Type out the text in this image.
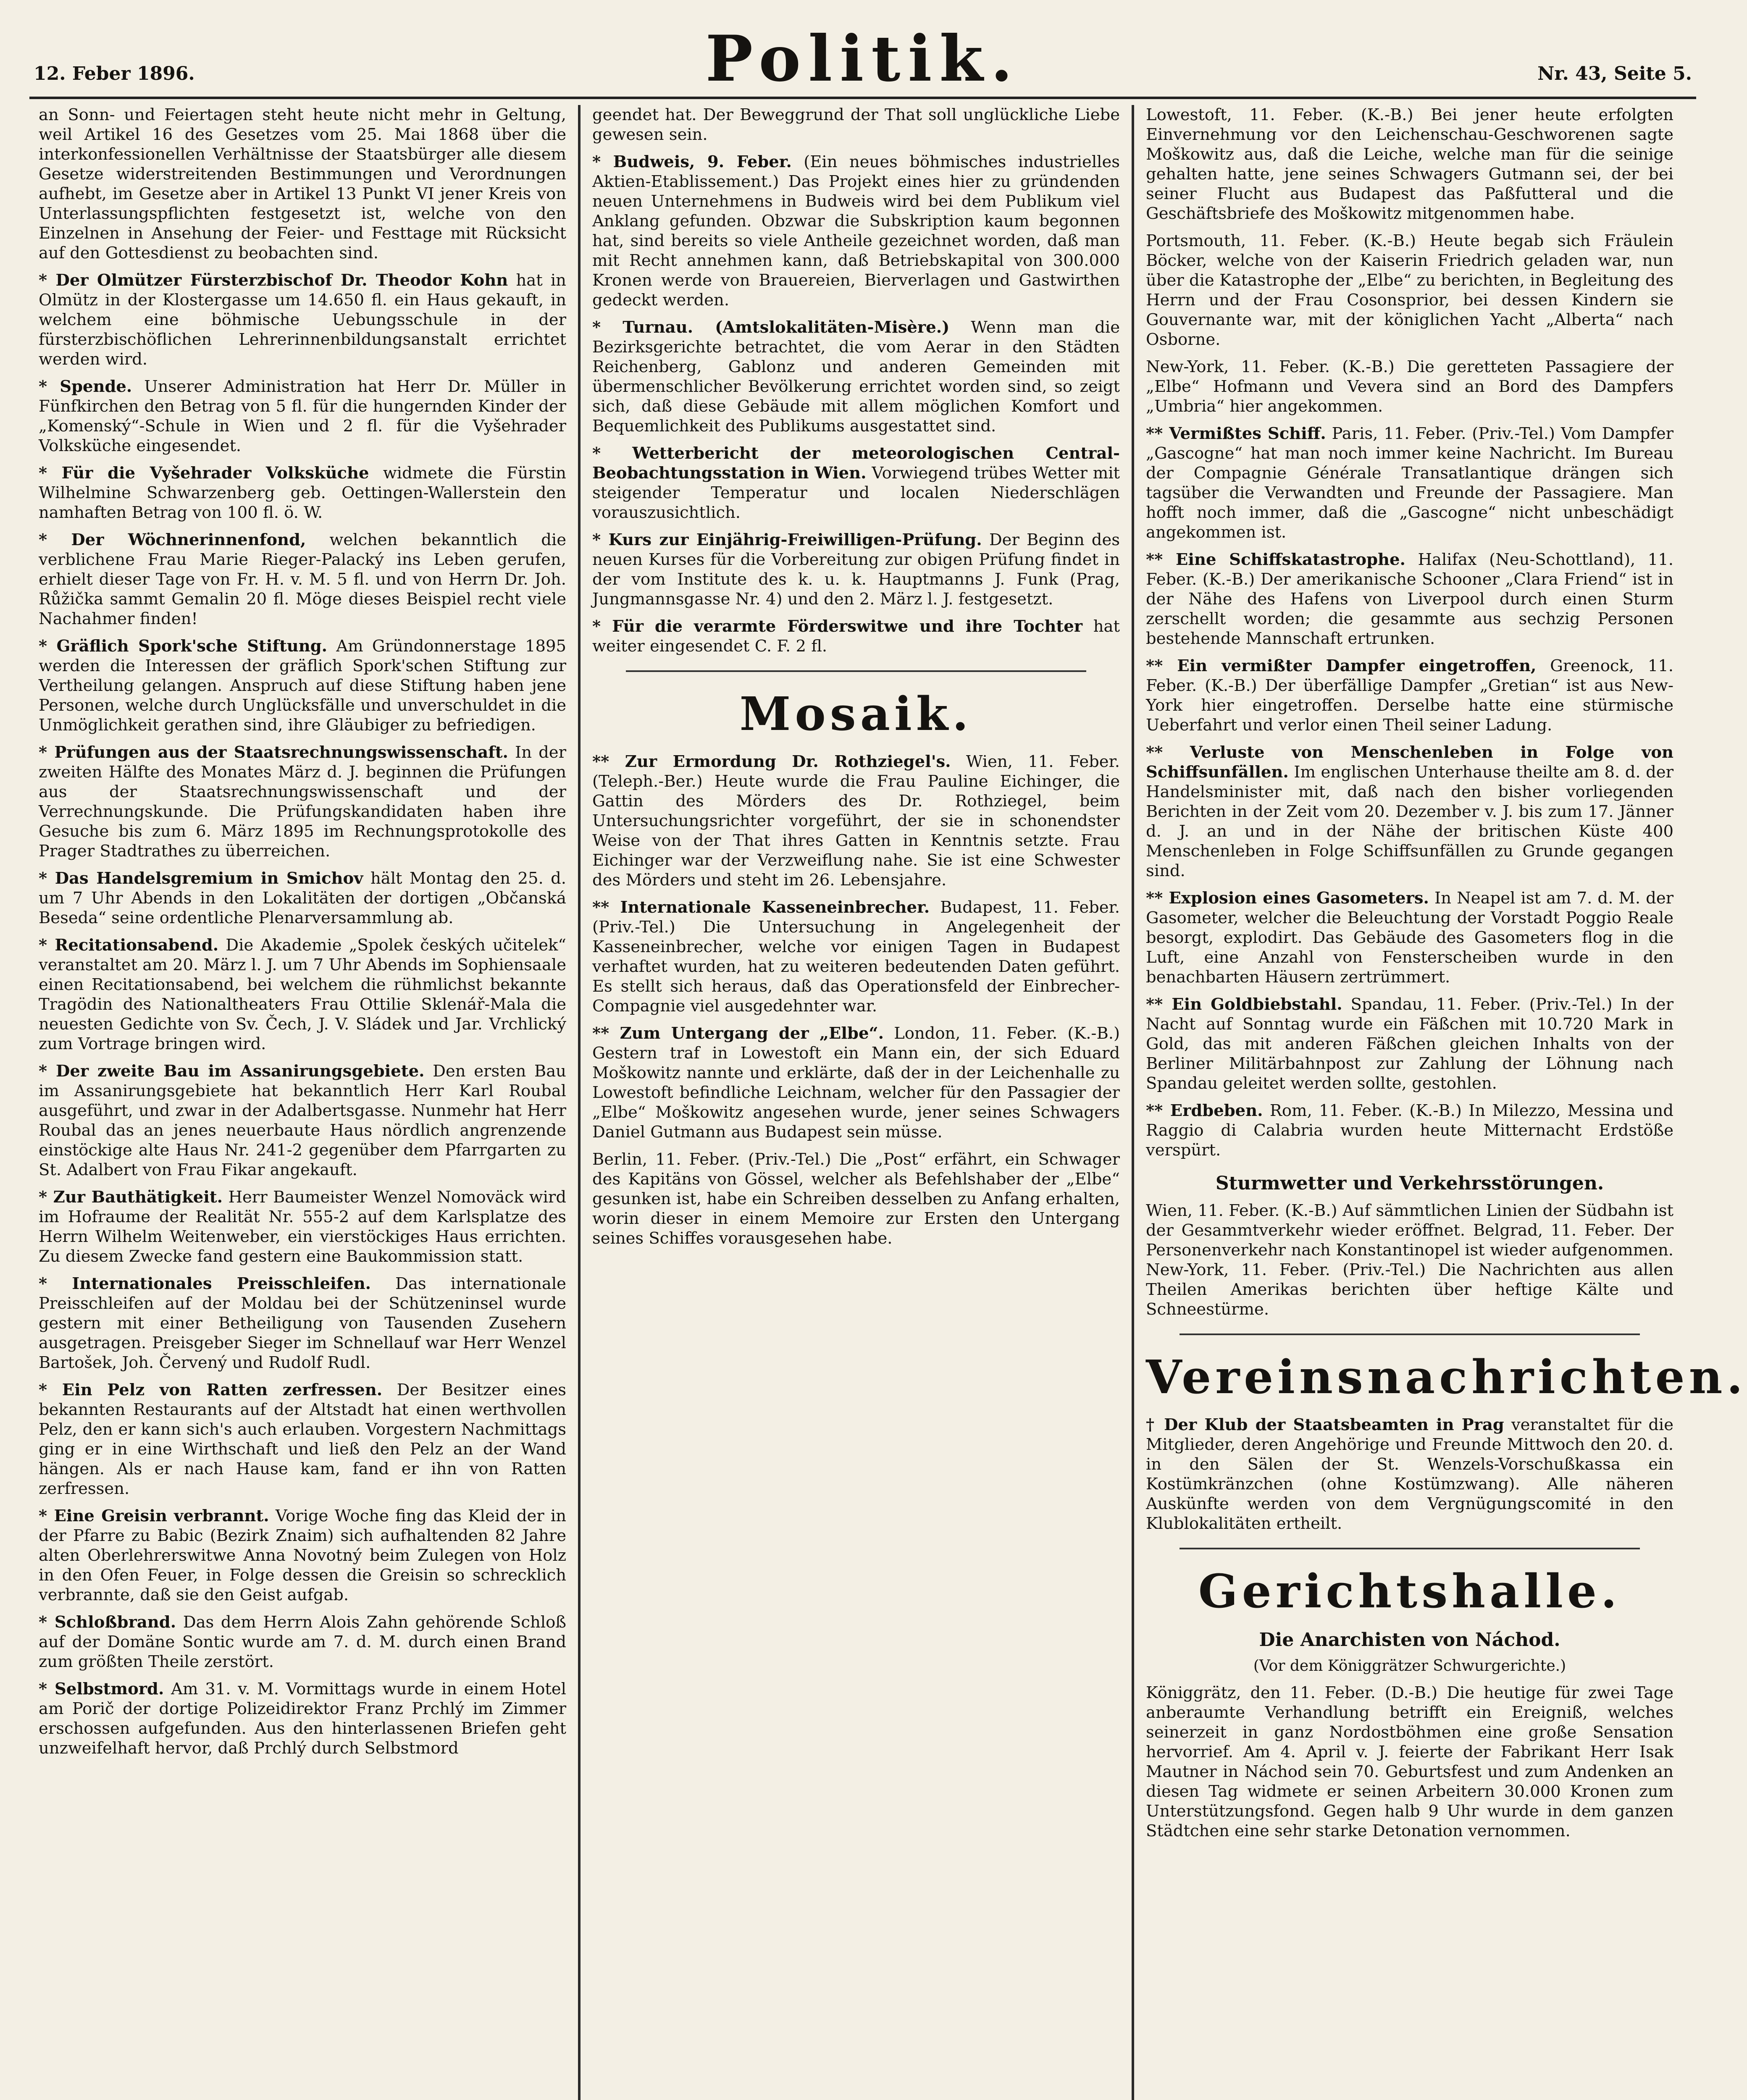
12. Feber 1896.	Politik.	Nr. 43, Seite 5.

an Sonn- und Feiertagen steht heute nicht mehr in Geltung, weil Artikel 16 des Gesetzes vom 25. Mai 1868 über die interkonfessionellen Verhältnisse der Staatsbürger alle diesem Gesetze widerstreitenden Bestimmungen und Verordnungen aufhebt, im Gesetze aber in Artikel 13 Punkt VI jener Kreis von Unterlassungspflichten festgesetzt ist, welche von den Einzelnen in Ansehung der Feier- und Festtage mit Rücksicht auf den Gottesdienst zu beobachten sind.

* Der Olmützer Fürsterzbischof Dr. Theodor Kohn hat in Olmütz in der Klostergasse um 14.650 fl. ein Haus gekauft, in welchem eine böhmische Uebungsschule in der fürsterzbischöflichen Lehrerinnenbildungsanstalt errichtet werden wird.

* Spende. Unserer Administration hat Herr Dr. Müller in Fünfkirchen den Betrag von 5 fl. für die hungernden Kinder der „Komenský“-Schule in Wien und 2 fl. für die Vyšehrader Volksküche eingesendet.

* Für die Vyšehrader Volksküche widmete die Fürstin Wilhelmine Schwarzenberg geb. Oettingen-Wallerstein den namhaften Betrag von 100 fl. ö. W.

* Der Wöchnerinnenfond, welchen bekanntlich die verblichene Frau Marie Rieger-Palacký ins Leben gerufen, erhielt dieser Tage von Fr. H. v. M. 5 fl. und von Herrn Dr. Joh. Růžička sammt Gemalin 20 fl. Möge dieses Beispiel recht viele Nachahmer finden!

* Gräflich Spork'sche Stiftung. Am Gründonnerstage 1895 werden die Interessen der gräflich Spork'schen Stiftung zur Vertheilung gelangen. Anspruch auf diese Stiftung haben jene Personen, welche durch Unglücksfälle und unverschuldet in die Unmöglichkeit gerathen sind, ihre Gläubiger zu befriedigen.

* Prüfungen aus der Staatsrechnungswissenschaft. In der zweiten Hälfte des Monates März d. J. beginnen die Prüfungen aus der Staatsrechnungswissenschaft und der Verrechnungskunde. Die Prüfungskandidaten haben ihre Gesuche bis zum 6. März 1895 im Rechnungsprotokolle des Prager Stadtrathes zu überreichen.

* Das Handelsgremium in Smichov hält Montag den 25. d. um 7 Uhr Abends in den Lokalitäten der dortigen „Občanská Beseda“ seine ordentliche Plenarversammlung ab.

* Recitationsabend. Die Akademie „Spolek českých učitelek“ veranstaltet am 20. März l. J. um 7 Uhr Abends im Sophiensaale einen Recitationsabend, bei welchem die rühmlichst bekannte Tragödin des Nationaltheaters Frau Ottilie Sklenář-Mala die neuesten Gedichte von Sv. Čech, J. V. Sládek und Jar. Vrchlický zum Vortrage bringen wird.

* Der zweite Bau im Assanirungsgebiete. Den ersten Bau im Assanirungsgebiete hat bekanntlich Herr Karl Roubal ausgeführt, und zwar in der Adalbertsgasse. Nunmehr hat Herr Roubal das an jenes neuerbaute Haus nördlich angrenzende einstöckige alte Haus Nr. 241-2 gegenüber dem Pfarrgarten zu St. Adalbert von Frau Fikar angekauft.

* Zur Bauthätigkeit. Herr Baumeister Wenzel Nomoväck wird im Hofraume der Realität Nr. 555-2 auf dem Karlsplatze des Herrn Wilhelm Weitenweber, ein vierstöckiges Haus errichten. Zu diesem Zwecke fand gestern eine Baukommission statt.

* Internationales Preisschleifen. Das internationale Preisschleifen auf der Moldau bei der Schützeninsel wurde gestern mit einer Betheiligung von Tausenden Zusehern ausgetragen. Preisgeber Sieger im Schnellauf war Herr Wenzel Bartošek, Joh. Červený und Rudolf Rudl.

* Ein Pelz von Ratten zerfressen. Der Besitzer eines bekannten Restaurants auf der Altstadt hat einen werthvollen Pelz, den er kann sich's auch erlauben. Vorgestern Nachmittags ging er in eine Wirthschaft und ließ den Pelz an der Wand hängen. Als er nach Hause kam, fand er ihn von Ratten zerfressen.

* Eine Greisin verbrannt. Vorige Woche fing das Kleid der in der Pfarre zu Babic (Bezirk Znaim) sich aufhaltenden 82 Jahre alten Oberlehrerswitwe Anna Novotný beim Zulegen von Holz in den Ofen Feuer, in Folge dessen die Greisin so schrecklich verbrannte, daß sie den Geist aufgab.

* Schloßbrand. Das dem Herrn Alois Zahn gehörende Schloß auf der Domäne Sontic wurde am 7. d. M. durch einen Brand zum größten Theile zerstört.

* Selbstmord. Am 31. v. M. Vormittags wurde in einem Hotel am Porič der dortige Polizeidirektor Franz Prchlý im Zimmer erschossen aufgefunden. Aus den hinterlassenen Briefen geht unzweifelhaft hervor, daß Prchlý durch Selbstmord

geendet hat. Der Beweggrund der That soll unglückliche Liebe gewesen sein.

* Budweis, 9. Feber. (Ein neues böhmisches industrielles Aktien-Etablissement.) Das Projekt eines hier zu gründenden neuen Unternehmens in Budweis wird bei dem Publikum viel Anklang gefunden. Obzwar die Subskription kaum begonnen hat, sind bereits so viele Antheile gezeichnet worden, daß man mit Recht annehmen kann, daß Betriebskapital von 300.000 Kronen werde von Brauereien, Bierverlagen und Gastwirthen gedeckt werden.

* Turnau. (Amtslokalitäten-Misère.) Wenn man die Bezirksgerichte betrachtet, die vom Aerar in den Städten Reichenberg, Gablonz und anderen Gemeinden mit übermenschlicher Bevölkerung errichtet worden sind, so zeigt sich, daß diese Gebäude mit allem möglichen Komfort und Bequemlichkeit des Publikums ausgestattet sind.

* Wetterbericht der meteorologischen Central-Beobachtungsstation in Wien. Vorwiegend trübes Wetter mit steigender Temperatur und localen Niederschlägen vorauszusichtlich.

* Kurs zur Einjährig-Freiwilligen-Prüfung. Der Beginn des neuen Kurses für die Vorbereitung zur obigen Prüfung findet in der vom Institute des k. u. k. Hauptmanns J. Funk (Prag, Jungmannsgasse Nr. 4) und den 2. März l. J. festgesetzt.

* Für die verarmte Förderswitwe und ihre Tochter hat weiter eingesendet C. F. 2 fl.

Mosaik.

** Zur Ermordung Dr. Rothziegel's. Wien, 11. Feber. (Teleph.-Ber.) Heute wurde die Frau Pauline Eichinger, die Gattin des Mörders des Dr. Rothziegel, beim Untersuchungsrichter vorgeführt, der sie in schonendster Weise von der That ihres Gatten in Kenntnis setzte. Frau Eichinger war der Verzweiflung nahe. Sie ist eine Schwester des Mörders und steht im 26. Lebensjahre.

** Internationale Kasseneinbrecher. Budapest, 11. Feber. (Priv.-Tel.) Die Untersuchung in Angelegenheit der Kasseneinbrecher, welche vor einigen Tagen in Budapest verhaftet wurden, hat zu weiteren bedeutenden Daten geführt. Es stellt sich heraus, daß das Operationsfeld der Einbrecher-Compagnie viel ausgedehnter war.

** Zum Untergang der „Elbe“. London, 11. Feber. (K.-B.) Gestern traf in Lowestoft ein Mann ein, der sich Eduard Moškowitz nannte und erklärte, daß der in der Leichenhalle zu Lowestoft befindliche Leichnam, welcher für den Passagier der „Elbe“ Moškowitz angesehen wurde, jener seines Schwagers Daniel Gutmann aus Budapest sein müsse.

Berlin, 11. Feber. (Priv.-Tel.) Die „Post“ erfährt, ein Schwager des Kapitäns von Gössel, welcher als Befehlshaber der „Elbe“ gesunken ist, habe ein Schreiben desselben zu Anfang erhalten, worin dieser in einem Memoire zur Ersten den Untergang seines Schiffes vorausgesehen habe.

Lowestoft, 11. Feber. (K.-B.) Bei jener heute erfolgten Einvernehmung vor den Leichenschau-Geschworenen sagte Moškowitz aus, daß die Leiche, welche man für die seinige gehalten hatte, jene seines Schwagers Gutmann sei, der bei seiner Flucht aus Budapest das Paßfutteral und die Geschäftsbriefe des Moškowitz mitgenommen habe.

Portsmouth, 11. Feber. (K.-B.) Heute begab sich Fräulein Böcker, welche von der Kaiserin Friedrich geladen war, nun über die Katastrophe der „Elbe“ zu berichten, in Begleitung des Herrn und der Frau Cosonsprior, bei dessen Kindern sie Gouvernante war, mit der königlichen Yacht „Alberta“ nach Osborne.

New-York, 11. Feber. (K.-B.) Die geretteten Passagiere der „Elbe“ Hofmann und Vevera sind an Bord des Dampfers „Umbria“ hier angekommen.

** Vermißtes Schiff. Paris, 11. Feber. (Priv.-Tel.) Vom Dampfer „Gascogne“ hat man noch immer keine Nachricht. Im Bureau der Compagnie Générale Transatlantique drängen sich tagsüber die Verwandten und Freunde der Passagiere. Man hofft noch immer, daß die „Gascogne“ nicht unbeschädigt angekommen ist.

** Eine Schiffskatastrophe. Halifax (Neu-Schottland), 11. Feber. (K.-B.) Der amerikanische Schooner „Clara Friend“ ist in der Nähe des Hafens von Liverpool durch einen Sturm zerschellt worden; die gesammte aus sechzig Personen bestehende Mannschaft ertrunken.

** Ein vermißter Dampfer eingetroffen, Greenock, 11. Feber. (K.-B.) Der überfällige Dampfer „Gretian“ ist aus New-York hier eingetroffen. Derselbe hatte eine stürmische Ueberfahrt und verlor einen Theil seiner Ladung.

** Verluste von Menschenleben in Folge von Schiffsunfällen. Im englischen Unterhause theilte am 8. d. der Handelsminister mit, daß nach den bisher vorliegenden Berichten in der Zeit vom 20. Dezember v. J. bis zum 17. Jänner d. J. an und in der Nähe der britischen Küste 400 Menschenleben in Folge Schiffsunfällen zu Grunde gegangen sind.

** Explosion eines Gasometers. In Neapel ist am 7. d. M. der Gasometer, welcher die Beleuchtung der Vorstadt Poggio Reale besorgt, explodirt. Das Gebäude des Gasometers flog in die Luft, eine Anzahl von Fensterscheiben wurde in den benachbarten Häusern zertrümmert.

** Ein Goldbiebstahl. Spandau, 11. Feber. (Priv.-Tel.) In der Nacht auf Sonntag wurde ein Fäßchen mit 10.720 Mark in Gold, das mit anderen Fäßchen gleichen Inhalts von der Berliner Militärbahnpost zur Zahlung der Löhnung nach Spandau geleitet werden sollte, gestohlen.

** Erdbeben. Rom, 11. Feber. (K.-B.) In Milezzo, Messina und Raggio di Calabria wurden heute Mitternacht Erdstöße verspürt.

Sturmwetter und Verkehrsstörungen.

Wien, 11. Feber. (K.-B.) Auf sämmtlichen Linien der Südbahn ist der Gesammtverkehr wieder eröffnet. Belgrad, 11. Feber. Der Personenverkehr nach Konstantinopel ist wieder aufgenommen. New-York, 11. Feber. (Priv.-Tel.) Die Nachrichten aus allen Theilen Amerikas berichten über heftige Kälte und Schneestürme.

Vereinsnachrichten.

† Der Klub der Staatsbeamten in Prag veranstaltet für die Mitglieder, deren Angehörige und Freunde Mittwoch den 20. d. in den Sälen der St. Wenzels-Vorschußkassa ein Kostümkränzchen (ohne Kostümzwang). Alle näheren Auskünfte werden von dem Vergnügungscomité in den Klublokalitäten ertheilt.

Gerichtshalle.
Die Anarchisten von Náchod.
(Vor dem Königgrätzer Schwurgerichte.)

Königgrätz, den 11. Feber. (D.-B.) Die heutige für zwei Tage anberaumte Verhandlung betrifft ein Ereigniß, welches seinerzeit in ganz Nordostböhmen eine große Sensation hervorrief. Am 4. April v. J. feierte der Fabrikant Herr Isak Mautner in Náchod sein 70. Geburtsfest und zum Andenken an diesen Tag widmete er seinen Arbeitern 30.000 Kronen zum Unterstützungsfond. Gegen halb 9 Uhr wurde in dem ganzen Städtchen eine sehr starke Detonation vernommen.
